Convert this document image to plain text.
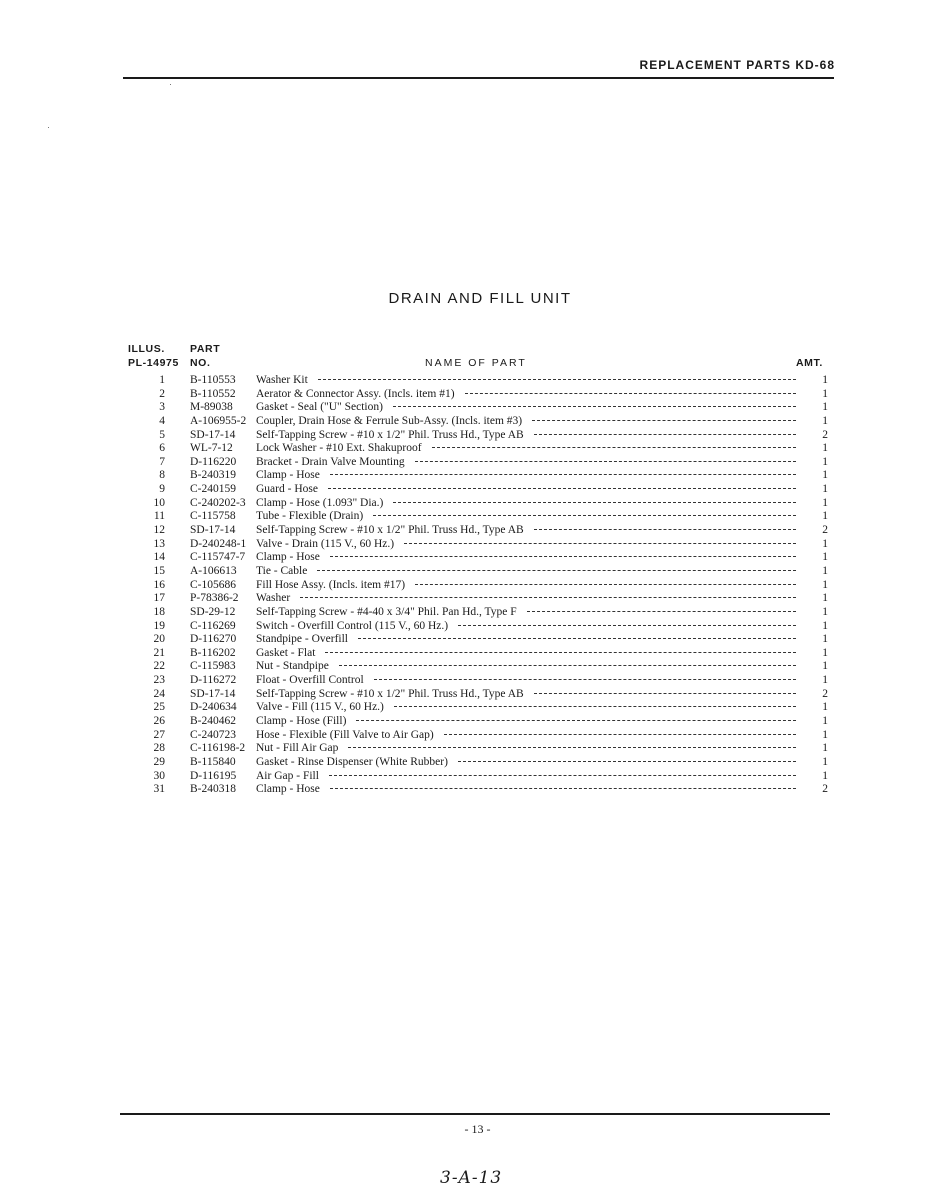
REPLACEMENT PARTS KD-68
DRAIN AND FILL UNIT
ILLUS.
PL-14975
PART
NO.	NAME OF PART	AMT.
1	B-110553	Washer Kit	1
2	B-110552	Aerator & Connector Assy. (Incls. item #1)	1
3	M-89038	Gasket - Seal ("U" Section)	1
4	A-106955-2 Coupler, Drain Hose & Ferrule Sub-Assy. (Incls. item #3)	1
5	SD-17-14	Self-Tapping Screw - #10 x 1/2" Phil. Truss Hd., Type AB	2
6	WL-7-12	Lock Washer - #10 Ext. Shakuproof	1
7	D-116220	Bracket - Drain Valve Mounting	1
8	B-240319	Clamp - Hose	1
9	C-240159	Guard - Hose	1
10	C-240202-3 Clamp - Hose (1.093" Dia.)	1
11	C-115758	Tube - Flexible (Drain)	1
12	SD-17-14	Self-Tapping Screw - #10 x 1/2" Phil. Truss Hd., Type AB	2
13	D-240248-1 Valve - Drain (115 V., 60 Hz.)	1
14	C-115747-7 Clamp - Hose	1
15	A-106613	Tie - Cable	1
16	C-105686	Fill Hose Assy. (Incls. item #17)	1
17	P-78386-2	Washer	1
18	SD-29-12	Self-Tapping Screw - #4-40 x 3/4" Phil. Pan Hd., Type F	1
19	C-116269	Switch - Overfill Control (115 V., 60 Hz.)	1
20	D-116270	Standpipe - Overfill	1
21	B-116202	Gasket - Flat	1
22	C-115983	Nut - Standpipe	1
23	D-116272	Float - Overfill Control	1
24	SD-17-14	Self-Tapping Screw - #10 x 1/2" Phil. Truss Hd., Type AB	2
25	D-240634	Valve - Fill (115 V., 60 Hz.)	1
26	B-240462	Clamp - Hose (Fill)	1
27	C-240723	Hose - Flexible (Fill Valve to Air Gap)	1
28	C-116198-2 Nut - Fill Air Gap	1
29	B-115840	Gasket - Rinse Dispenser (White Rubber)	1
30	D-116195	Air Gap - Fill	1
31	B-240318	Clamp - Hose	2
- 13 -
3-A-13
